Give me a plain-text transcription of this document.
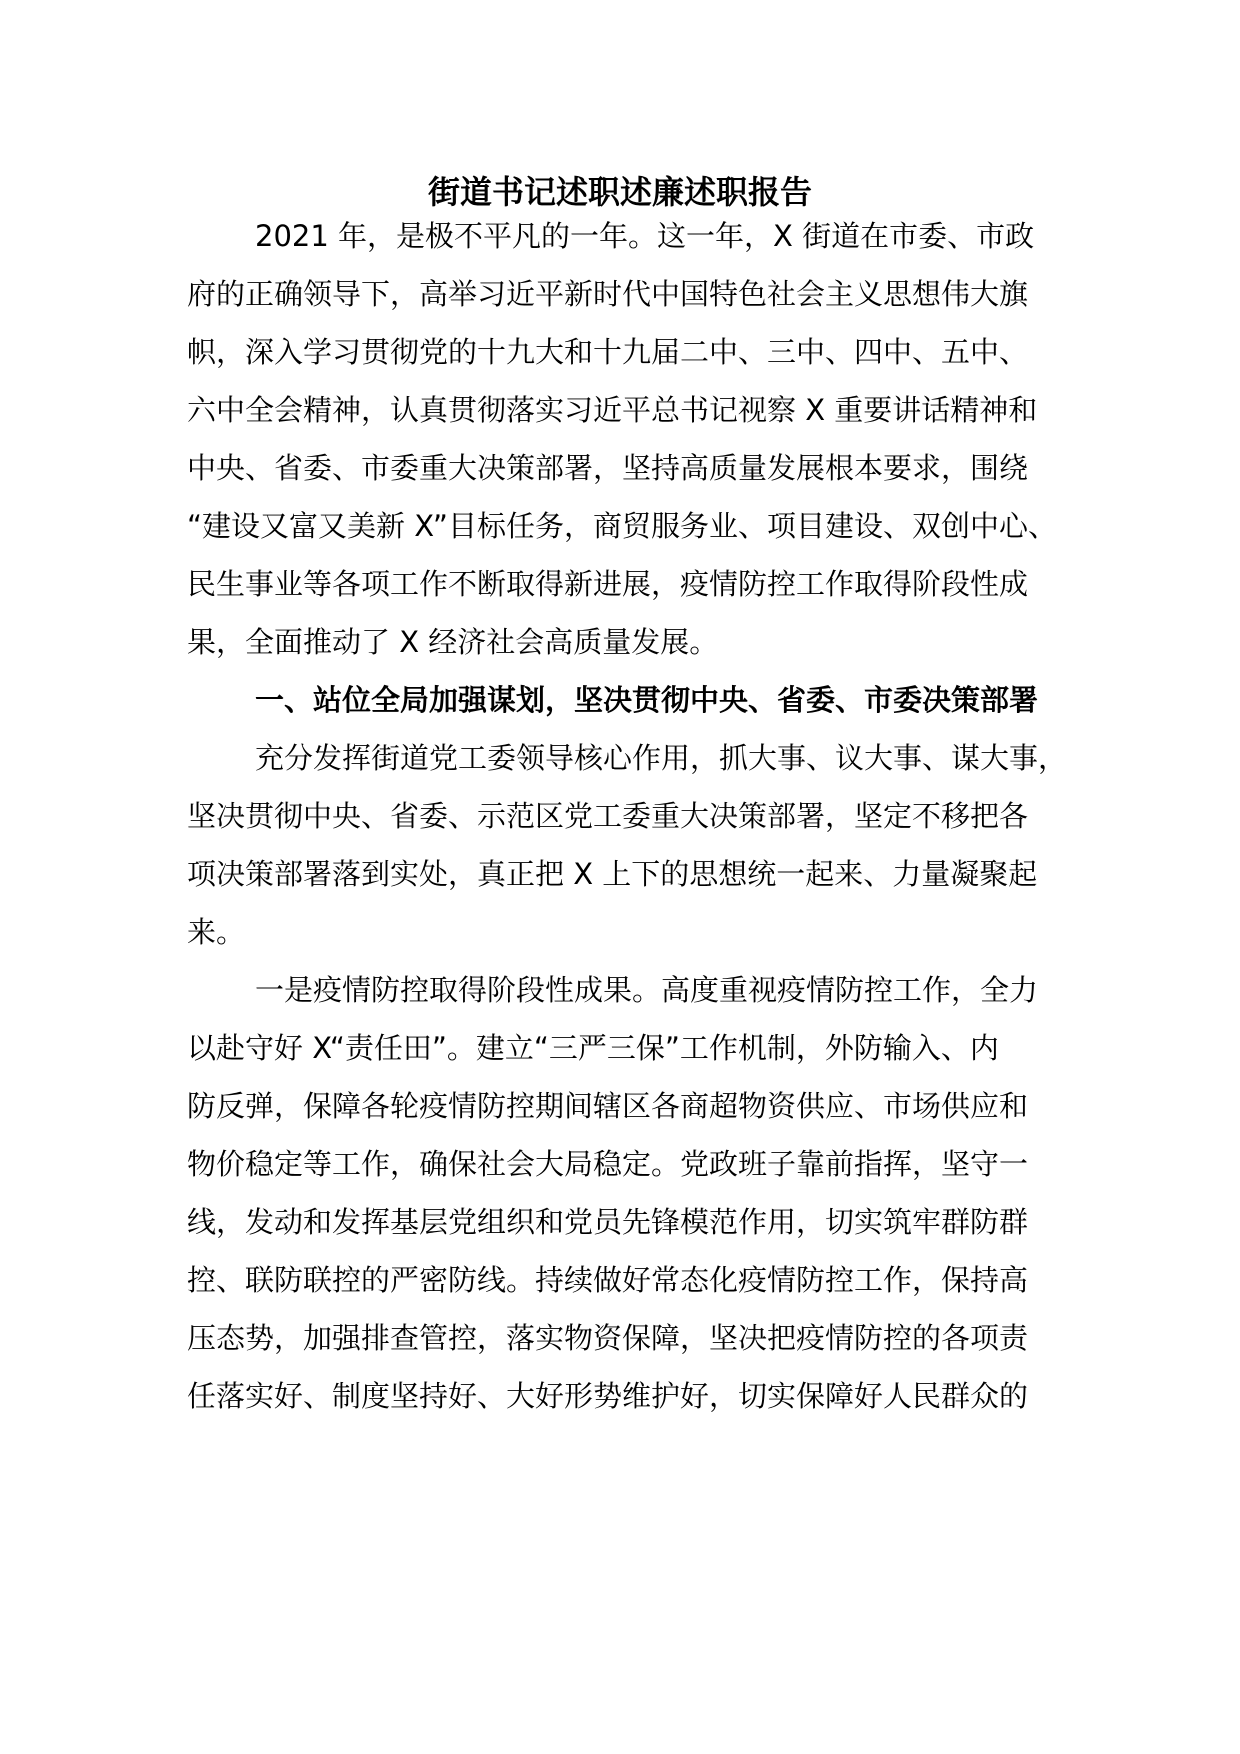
街道书记述职述廉述职报告

2021 年，是极不平凡的一年。这一年，X 街道在市委、市政

府的正确领导下，高举习近平新时代中国特色社会主义思想伟大旗

帜，深入学习贯彻党的十九大和十九届二中、三中、四中、五中、

六中全会精神，认真贯彻落实习近平总书记视察 X 重要讲话精神和

中央、省委、市委重大决策部署，坚持高质量发展根本要求，围绕

“建设又富又美新 X”目标任务，商贸服务业、项目建设、双创中心、

民生事业等各项工作不断取得新进展，疫情防控工作取得阶段性成

果，全面推动了 X 经济社会高质量发展。

一、站位全局加强谋划，坚决贯彻中央、省委、市委决策部署

充分发挥街道党工委领导核心作用，抓大事、议大事、谋大事，

坚决贯彻中央、省委、示范区党工委重大决策部署，坚定不移把各

项决策部署落到实处，真正把 X 上下的思想统一起来、力量凝聚起

来。

一是疫情防控取得阶段性成果。高度重视疫情防控工作，全力

以赴守好 X“责任田”。建立“三严三保”工作机制，外防输入、内

防反弹，保障各轮疫情防控期间辖区各商超物资供应、市场供应和

物价稳定等工作，确保社会大局稳定。党政班子靠前指挥，坚守一

线，发动和发挥基层党组织和党员先锋模范作用，切实筑牢群防群

控、联防联控的严密防线。持续做好常态化疫情防控工作，保持高

压态势，加强排查管控，落实物资保障，坚决把疫情防控的各项责

任落实好、制度坚持好、大好形势维护好，切实保障好人民群众的
